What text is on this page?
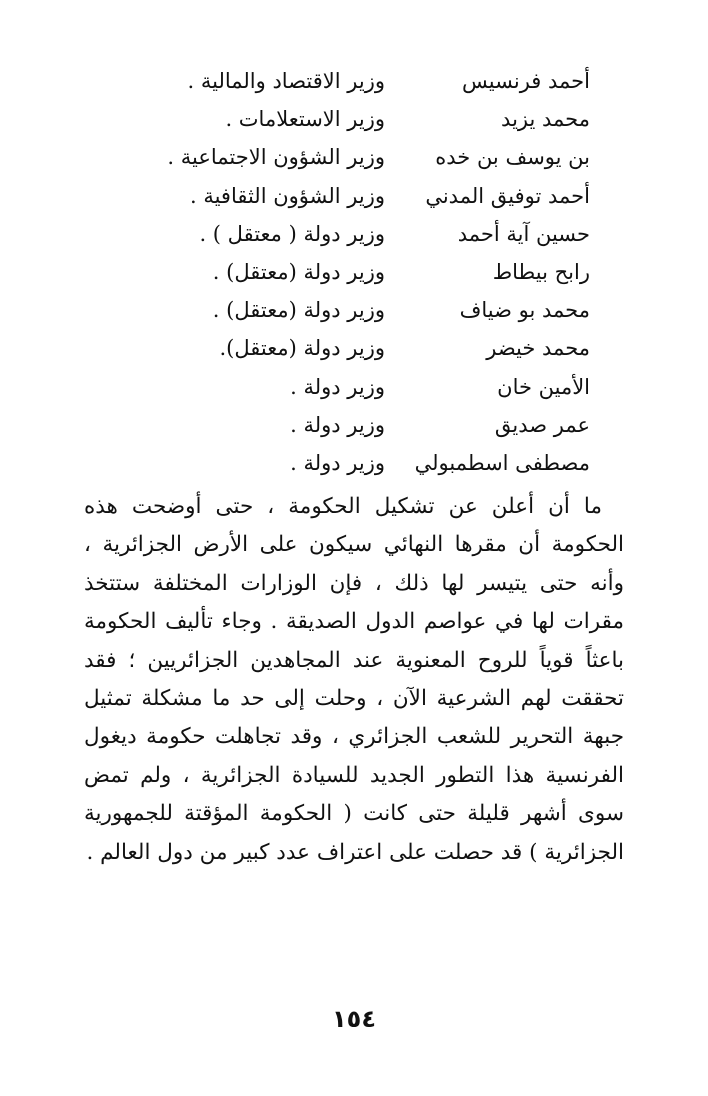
أحمد فرنسيس
وزير الاقتصاد والمالية .
محمد يزيد
وزير الاستعلامات .
بن يوسف بن خده
وزير الشؤون الاجتماعية .
أحمد توفيق المدني
وزير الشؤون الثقافية .
حسين آية أحمد
وزير دولة ( معتقل ) .
رابح بيطاط
وزير دولة (معتقل) .
محمد بو ضياف
وزير دولة (معتقل) .
محمد خيضر
وزير دولة (معتقل).
الأمين خان
وزير دولة .
عمر صديق
وزير دولة .
مصطفى اسطمبولي
وزير دولة .

ما أن أعلن عن تشكيل الحكومة ، حتى أوضحت هذه الحكومة أن مقرها النهائي سيكون على الأرض الجزائرية ، وأنه حتى يتيسر لها ذلك ، فإن الوزارات المختلفة ستتخذ مقرات لها في عواصم الدول الصديقة . وجاء تأليف الحكومة باعثاً قوياً للروح المعنوية عند المجاهدين الجزائريين ؛ فقد تحققت لهم الشرعية الآن ، وحلت إلى حد ما مشكلة تمثيل جبهة التحرير للشعب الجزائري ، وقد تجاهلت حكومة ديغول الفرنسية هذا التطور الجديد للسيادة الجزائرية ، ولم تمض سوى أشهر قليلة حتى كانت ( الحكومة المؤقتة للجمهورية الجزائرية ) قد حصلت على اعتراف عدد كبير من دول العالم .

١٥٤
